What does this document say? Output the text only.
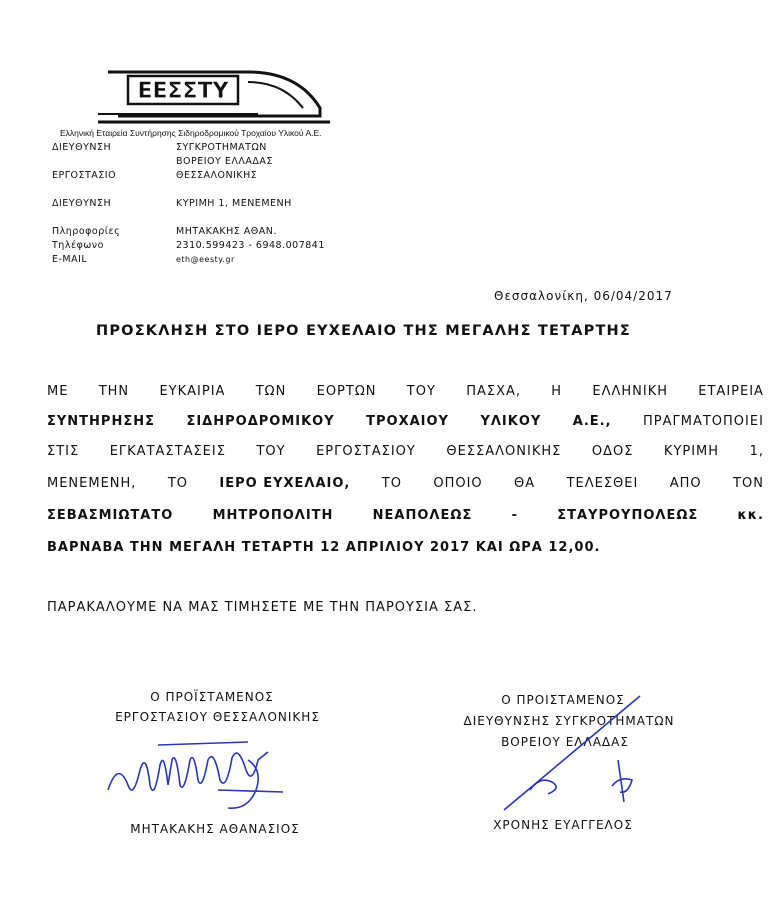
ΕΕΣΣΤΥ
Ελληνική Εταιρεία Συντήρησης Σιδηροδρομικού Τροχαίου Υλικού Α.Ε.
ΔΙΕΥΘΥΝΣΗ	ΣΥΓΚΡΟΤΗΜΑΤΩΝ
ΒΟΡΕΙΟΥ ΕΛΛΑΔΑΣ
ΕΡΓΟΣΤΑΣΙΟ	ΘΕΣΣΑΛΟΝΙΚΗΣ
ΔΙΕΥΘΥΝΣΗ	ΚΥΡΙΜΗ 1, ΜΕΝΕΜΕΝΗ
Πληροφορίες	ΜΗΤΑΚΑΚΗΣ ΑΘΑΝ.
Τηλέφωνο	2310.599423 - 6948.007841
E-MAIL	eth@eesty.gr
Θεσσαλονίκη, 06/04/2017
ΠΡΟΣΚΛΗΣΗ ΣΤΟ ΙΕΡΟ ΕΥΧΕΛΑΙΟ ΤΗΣ ΜΕΓΑΛΗΣ ΤΕΤΑΡΤΗΣ
ΜΕ ΤΗΝ ΕΥΚΑΙΡΙΑ ΤΩΝ ΕΟΡΤΩΝ ΤΟΥ ΠΑΣΧΑ, Η ΕΛΛΗΝΙΚΗ ΕΤΑΙΡΕΙΑ
ΣΥΝΤΗΡΗΣΗΣ ΣΙΔΗΡΟΔΡΟΜΙΚΟΥ ΤΡΟΧΑΙΟΥ ΥΛΙΚΟΥ Α.Ε., ΠΡΑΓΜΑΤΟΠΟΙΕΙ
ΣΤΙΣ ΕΓΚΑΤΑΣΤΑΣΕΙΣ ΤΟΥ ΕΡΓΟΣΤΑΣΙΟΥ ΘΕΣΣΑΛΟΝΙΚΗΣ ΟΔΟΣ ΚΥΡΙΜΗ 1,
ΜΕΝΕΜΕΝΗ, ΤΟ ΙΕΡΟ ΕΥΧΕΛΑΙΟ, ΤΟ ΟΠΟΙΟ ΘΑ ΤΕΛΕΣΘΕΙ ΑΠΟ ΤΟΝ
ΣΕΒΑΣΜΙΩΤΑΤΟ	ΜΗΤΡΟΠΟΛΙΤΗ	ΝΕΑΠΟΛΕΩΣ	-	ΣΤΑΥΡΟΥΠΟΛΕΩΣ	κκ.
ΒΑΡΝΑΒΑ ΤΗΝ ΜΕΓΑΛΗ ΤΕΤΑΡΤΗ 12 ΑΠΡΙΛΙΟΥ 2017 ΚΑΙ ΩΡΑ 12,00.
ΠΑΡΑΚΑΛΟΥΜΕ ΝΑ ΜΑΣ ΤΙΜΗΣΕΤΕ ΜΕ ΤΗΝ ΠΑΡΟΥΣΙΑ ΣΑΣ.
Ο ΠΡΟΪΣΤΑΜΕΝΟΣ
ΕΡΓΟΣΤΑΣΙΟΥ ΘΕΣΣΑΛΟΝΙΚΗΣ
ΜΗΤΑΚΑΚΗΣ ΑΘΑΝΑΣΙΟΣ
Ο ΠΡΟΙΣΤΑΜΕΝΟΣ
ΔΙΕΥΘΥΝΣΗΣ ΣΥΓΚΡΟΤΗΜΑΤΩΝ
ΒΟΡΕΙΟΥ ΕΛΛΑΔΑΣ
ΧΡΟΝΗΣ ΕΥΑΓΓΕΛΟΣ
